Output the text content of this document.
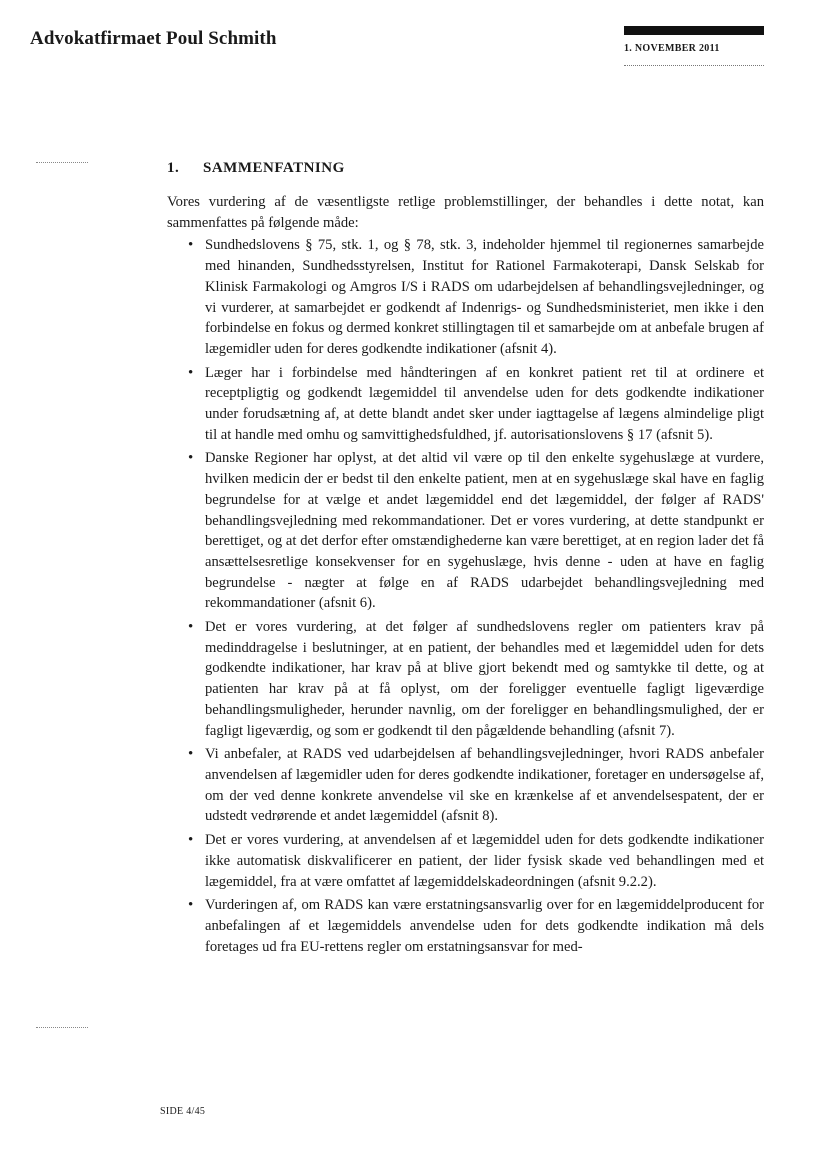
Advokatfirmaet Poul Schmith	1. NOVEMBER 2011
1. SAMMENFATNING

Vores vurdering af de væsentligste retlige problemstillinger, der behandles i dette notat, kan sammenfattes på følgende måde:

• Sundhedslovens § 75, stk. 1, og § 78, stk. 3, indeholder hjemmel til regionernes samarbejde med hinanden, Sundhedsstyrelsen, Institut for Rationel Farmakoterapi, Dansk Selskab for Klinisk Farmakologi og Amgros I/S i RADS om udarbejdelsen af behandlingsvejledninger, og vi vurderer, at samarbejdet er godkendt af Indenrigs- og Sundhedsministeriet, men ikke i den forbindelse en fokus og dermed konkret stillingtagen til et samarbejde om at anbefale brugen af lægemidler uden for deres godkendte indikationer (afsnit 4).
• Læger har i forbindelse med håndteringen af en konkret patient ret til at ordinere et receptpligtig og godkendt lægemiddel til anvendelse uden for dets godkendte indikationer under forudsætning af, at dette blandt andet sker under iagttagelse af lægens almindelige pligt til at handle med omhu og samvittighedsfuldhed, jf. autorisationslovens § 17 (afsnit 5).
• Danske Regioner har oplyst, at det altid vil være op til den enkelte sygehuslæge at vurdere, hvilken medicin der er bedst til den enkelte patient, men at en sygehuslæge skal have en faglig begrundelse for at vælge et andet lægemiddel end det lægemiddel, der følger af RADS' behandlingsvejledning med rekommandationer. Det er vores vurdering, at dette standpunkt er berettiget, og at det derfor efter omstændighederne kan være berettiget, at en region lader det få ansættelsesretlige konsekvenser for en sygehuslæge, hvis denne - uden at have en faglig begrundelse - nægter at følge en af RADS udarbejdet behandlingsvejledning med rekommandationer (afsnit 6).
• Det er vores vurdering, at det følger af sundhedslovens regler om patienters krav på medinddragelse i beslutninger, at en patient, der behandles med et lægemiddel uden for dets godkendte indikationer, har krav på at blive gjort bekendt med og samtykke til dette, og at patienten har krav på at få oplyst, om der foreligger eventuelle fagligt ligeværdige behandlingsmuligheder, herunder navnlig, om der foreligger en behandlingsmulighed, der er fagligt ligeværdig, og som er godkendt til den pågældende behandling (afsnit 7).
• Vi anbefaler, at RADS ved udarbejdelsen af behandlingsvejledninger, hvori RADS anbefaler anvendelsen af lægemidler uden for deres godkendte indikationer, foretager en undersøgelse af, om der ved denne konkrete anvendelse vil ske en krænkelse af et anvendelsespatent, der er udstedt vedrørende et andet lægemiddel (afsnit 8).
• Det er vores vurdering, at anvendelsen af et lægemiddel uden for dets godkendte indikationer ikke automatisk diskvalificerer en patient, der lider fysisk skade ved behandlingen med et lægemiddel, fra at være omfattet af lægemiddelskadeordningen (afsnit 9.2.2).
• Vurderingen af, om RADS kan være erstatningsansvarlig over for en lægemiddelproducent for anbefalingen af et lægemiddels anvendelse uden for dets godkendte indikation må dels foretages ud fra EU-rettens regler om erstatningsansvar for med-
SIDE 4/45
